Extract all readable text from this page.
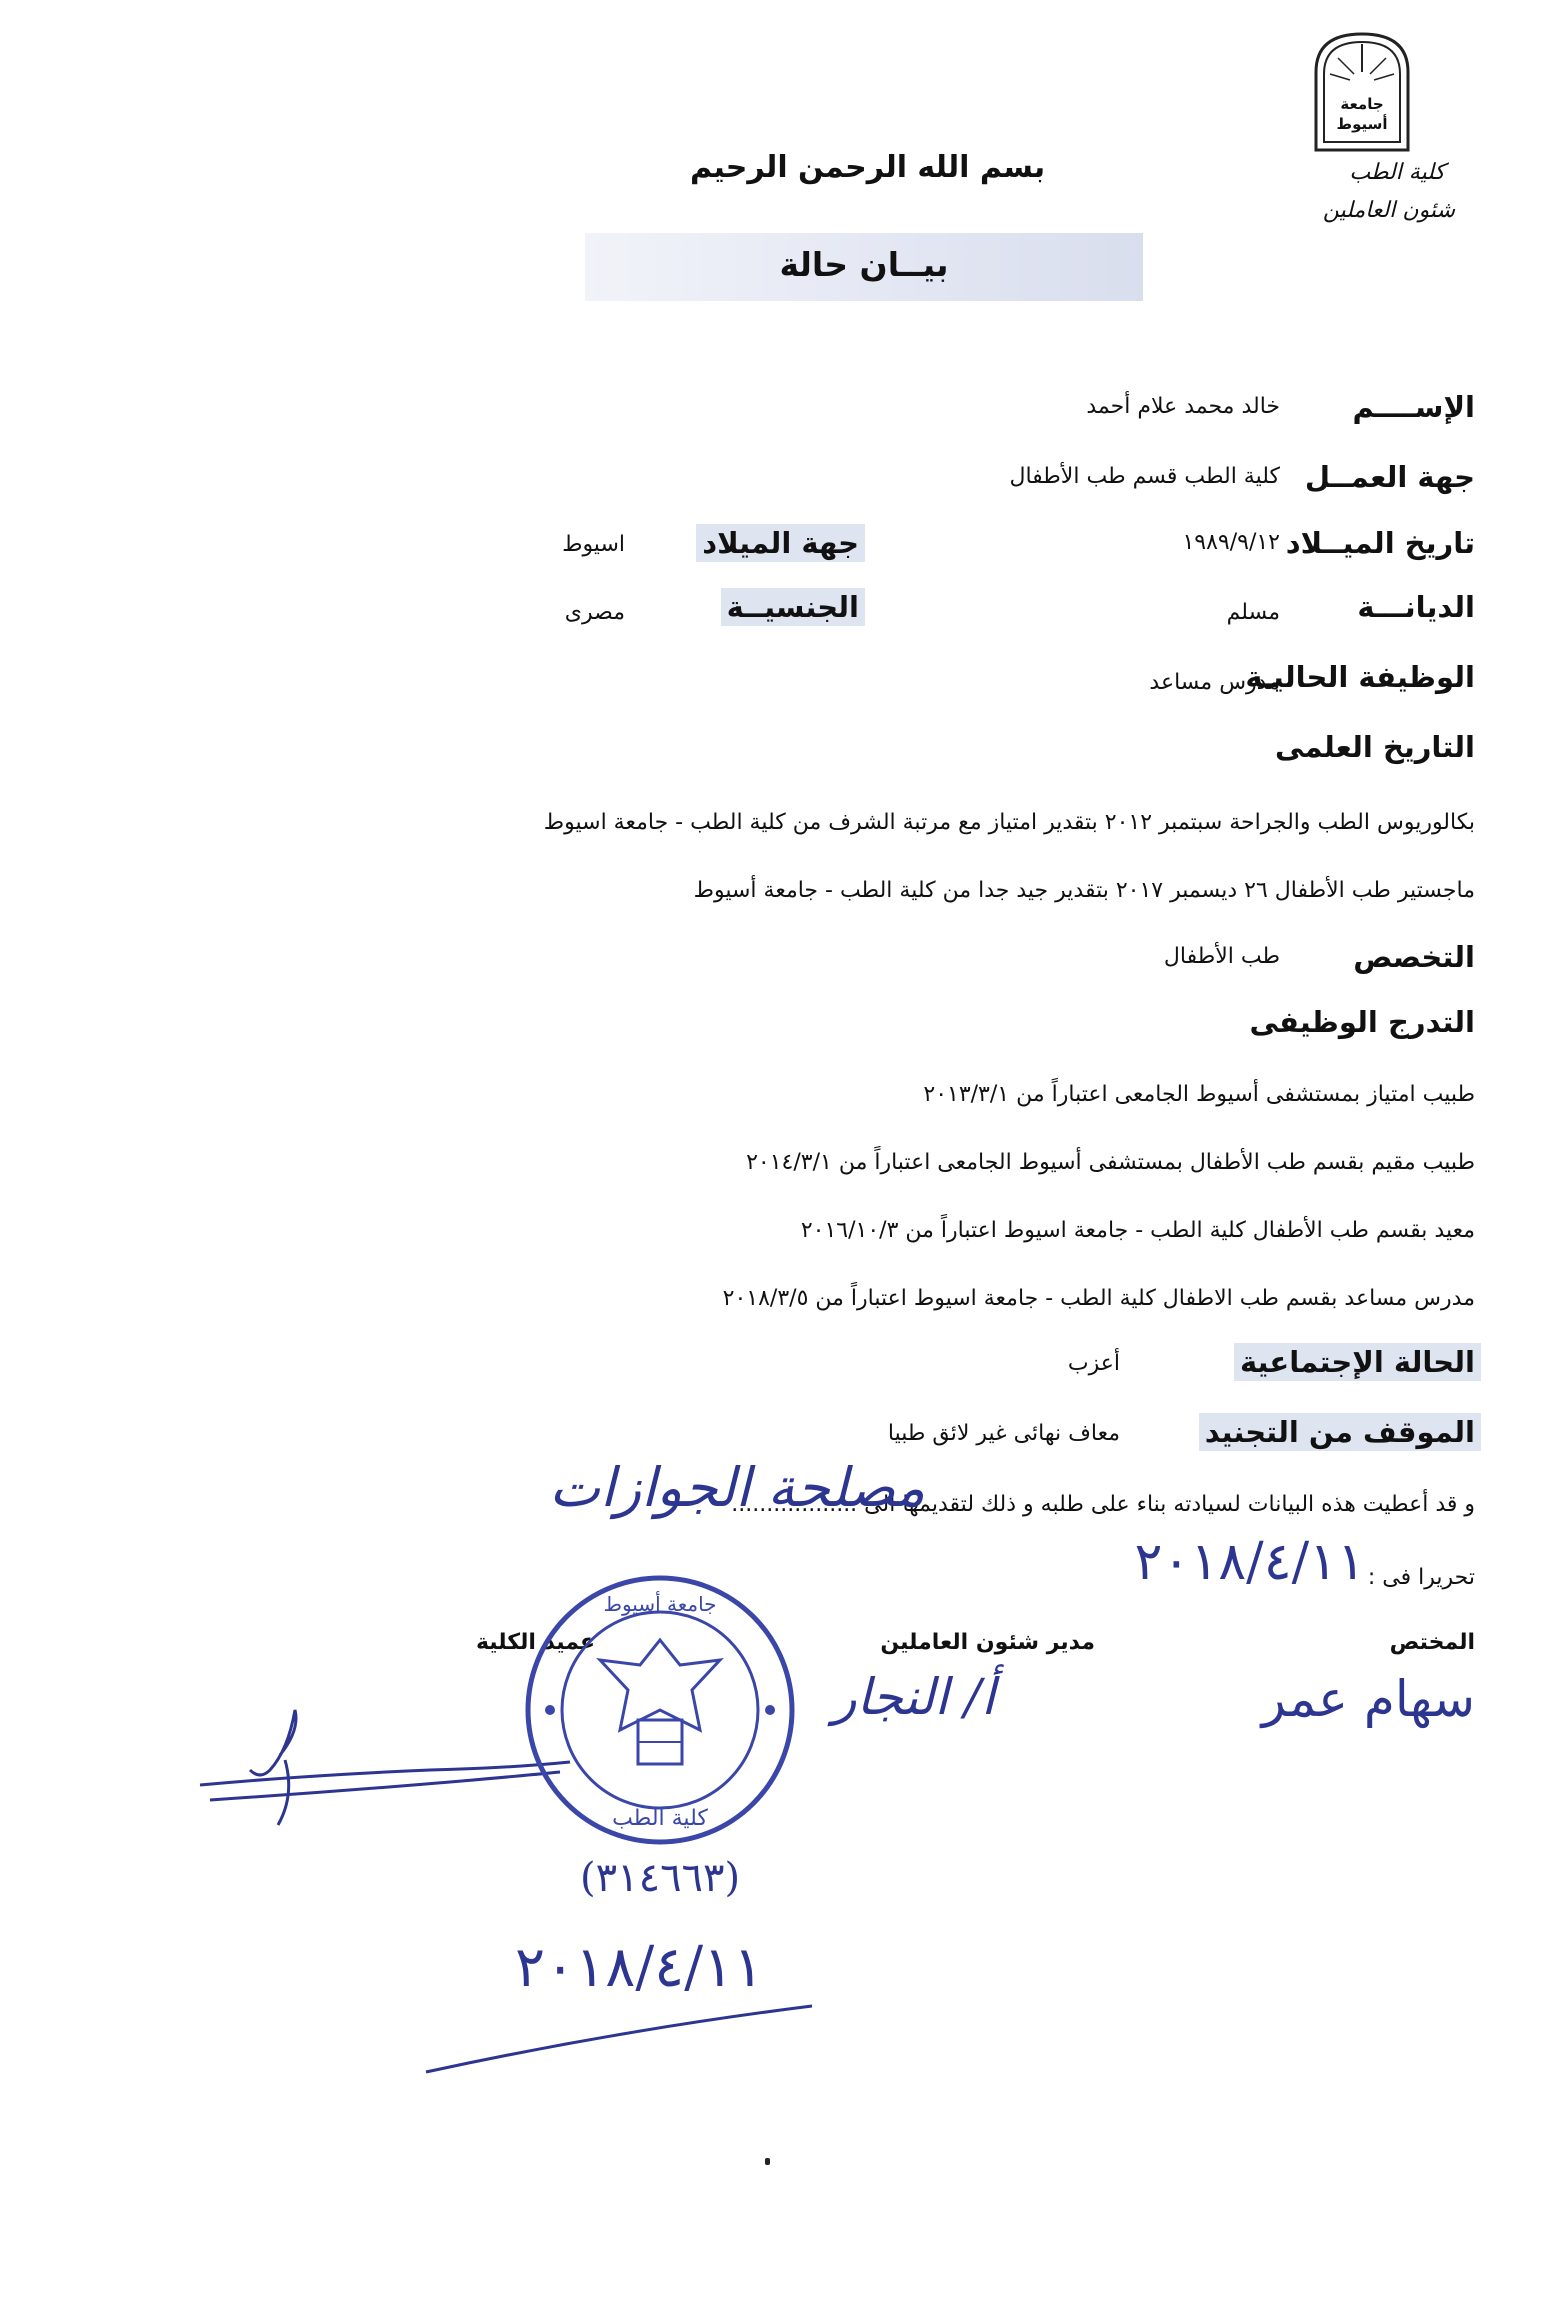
جامعة أسيوط
كلية الطب
شئون العاملين
بسم الله الرحمن الرحيم
بيــان حالة
الإســــم
خالد محمد علام أحمد
جهة العمــل
كلية الطب قسم طب الأطفال
تاريخ الميــلاد
١٩٨٩/٩/١٢
جهة الميلاد
اسيوط
الديانـــة
مسلم
الجنسيــة
مصرى
الوظيفة الحاليـة
مدرس مساعد
التاريخ العلمى
بكالوريوس الطب والجراحة سبتمبر ٢٠١٢ بتقدير امتياز مع مرتبة الشرف من كلية الطب - جامعة اسيوط
ماجستير طب الأطفال ٢٦ ديسمبر ٢٠١٧ بتقدير جيد جدا من كلية الطب - جامعة أسيوط
التخصص
طب الأطفال
التدرج الوظيفى
طبيب امتياز بمستشفى أسيوط الجامعى اعتباراً من ٢٠١٣/٣/١
طبيب مقيم بقسم طب الأطفال بمستشفى أسيوط الجامعى اعتباراً من ٢٠١٤/٣/١
معيد بقسم طب الأطفال كلية الطب - جامعة اسيوط اعتباراً من ٢٠١٦/١٠/٣
مدرس مساعد بقسم طب الاطفال كلية الطب - جامعة اسيوط اعتباراً من ٢٠١٨/٣/٥
الحالة الإجتماعية
أعزب
الموقف من التجنيد
معاف نهائى غير لائق طبيا
و قد أعطيت هذه البيانات لسيادته بناء على طلبه و ذلك لتقديمها الى ..................
مصلحة الجوازات
تحريرا فى :
٢٠١٨/٤/١١
المختص
مدير شئون العاملين
عميد الكلية
سهام عمر
أ/ النجار
جامعة أسيوط
كلية الطب
(٣١٤٦٦٣)
٢٠١٨/٤/١١
